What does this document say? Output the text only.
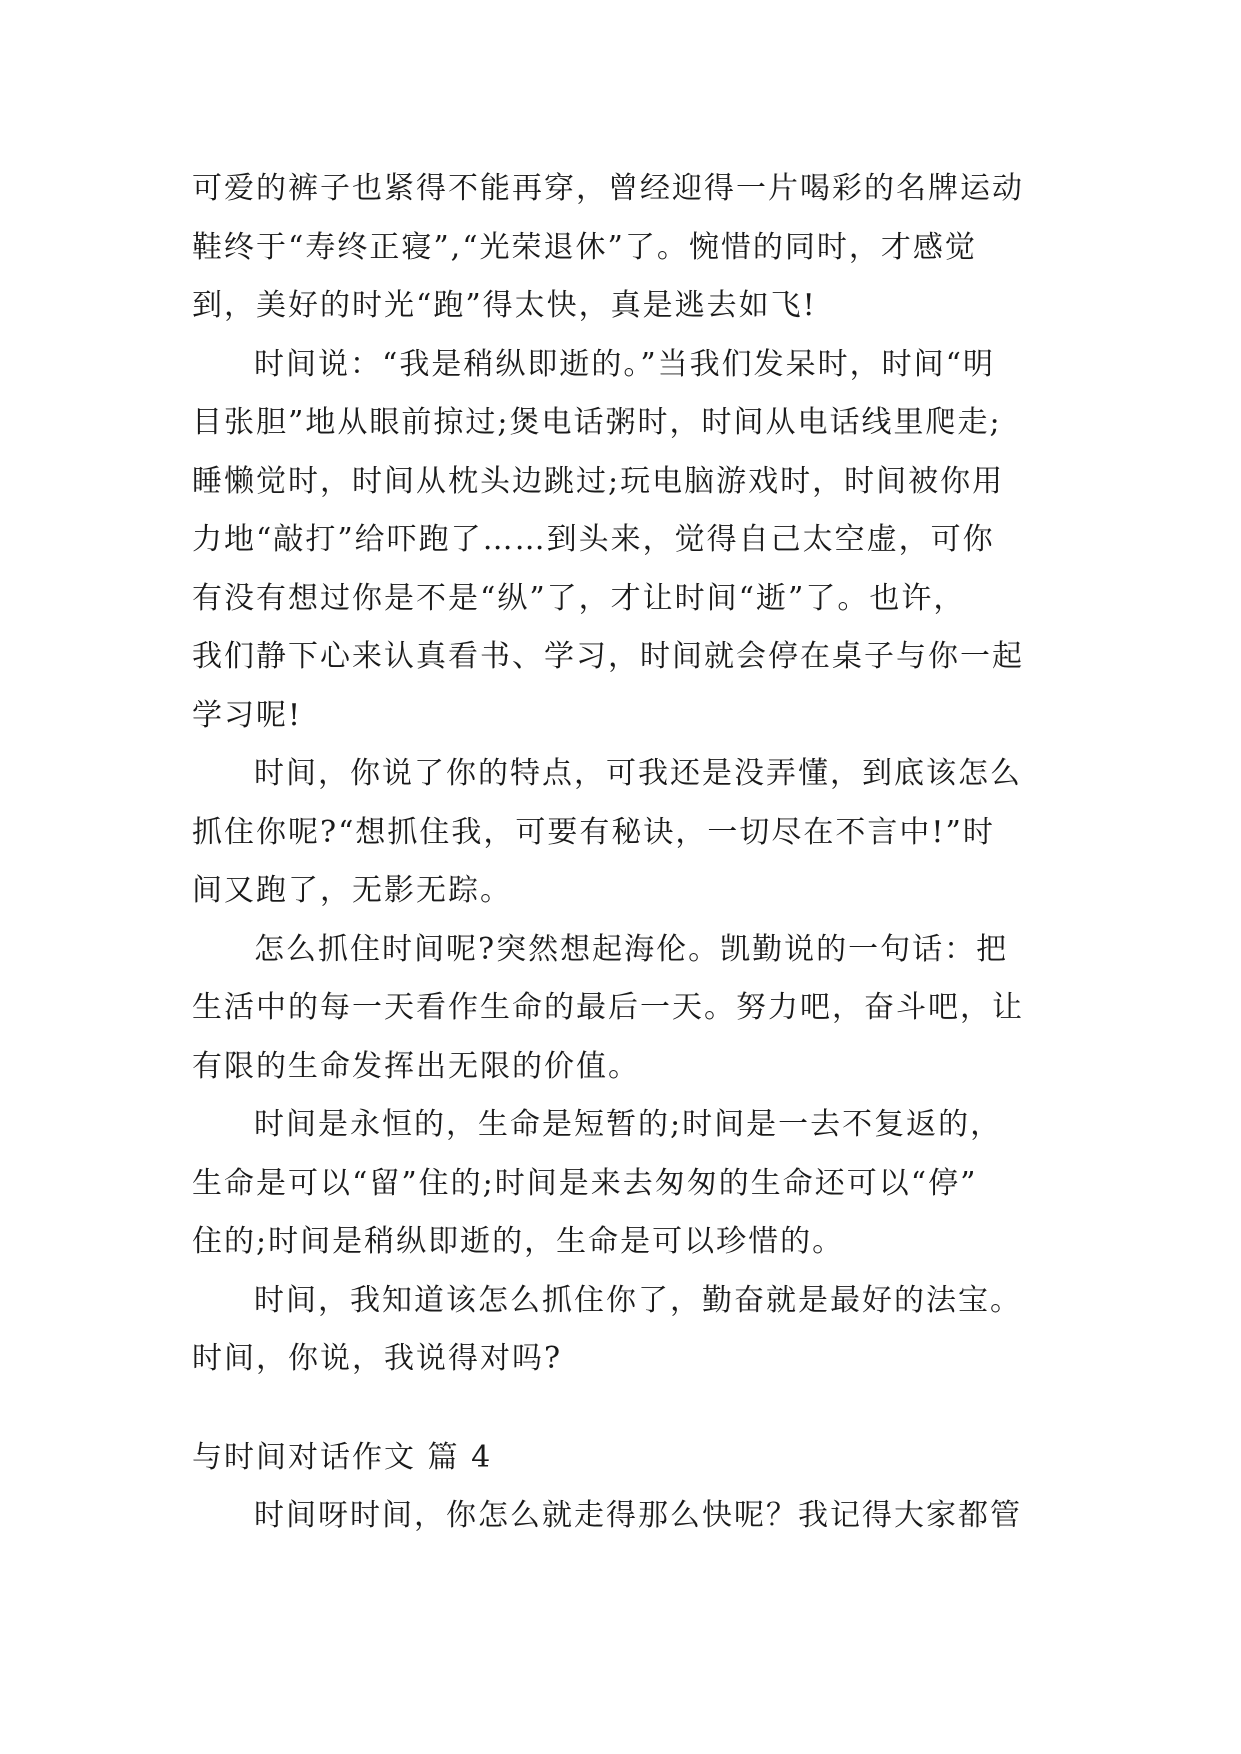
可爱的裤子也紧得不能再穿，曾经迎得一片喝彩的名牌运动
鞋终于“寿终正寝”,“光荣退休”了。惋惜的同时，才感觉
到，美好的时光“跑”得太快，真是逃去如飞!
时间说：“我是稍纵即逝的。”当我们发呆时，时间“明
目张胆”地从眼前掠过;煲电话粥时，时间从电话线里爬走;
睡懒觉时，时间从枕头边跳过;玩电脑游戏时，时间被你用
力地“敲打”给吓跑了……到头来，觉得自己太空虚，可你
有没有想过你是不是“纵”了，才让时间“逝”了。也许，
我们静下心来认真看书、学习，时间就会停在桌子与你一起
学习呢!
时间，你说了你的特点，可我还是没弄懂，到底该怎么
抓住你呢?“想抓住我，可要有秘诀，一切尽在不言中!”时
间又跑了，无影无踪。
怎么抓住时间呢?突然想起海伦。凯勤说的一句话：把
生活中的每一天看作生命的最后一天。努力吧，奋斗吧，让
有限的生命发挥出无限的价值。
时间是永恒的，生命是短暂的;时间是一去不复返的，
生命是可以“留”住的;时间是来去匆匆的生命还可以“停”
住的;时间是稍纵即逝的，生命是可以珍惜的。
时间，我知道该怎么抓住你了，勤奋就是最好的法宝。
时间，你说，我说得对吗?
与时间对话作文 篇 4
时间呀时间，你怎么就走得那么快呢？我记得大家都管
